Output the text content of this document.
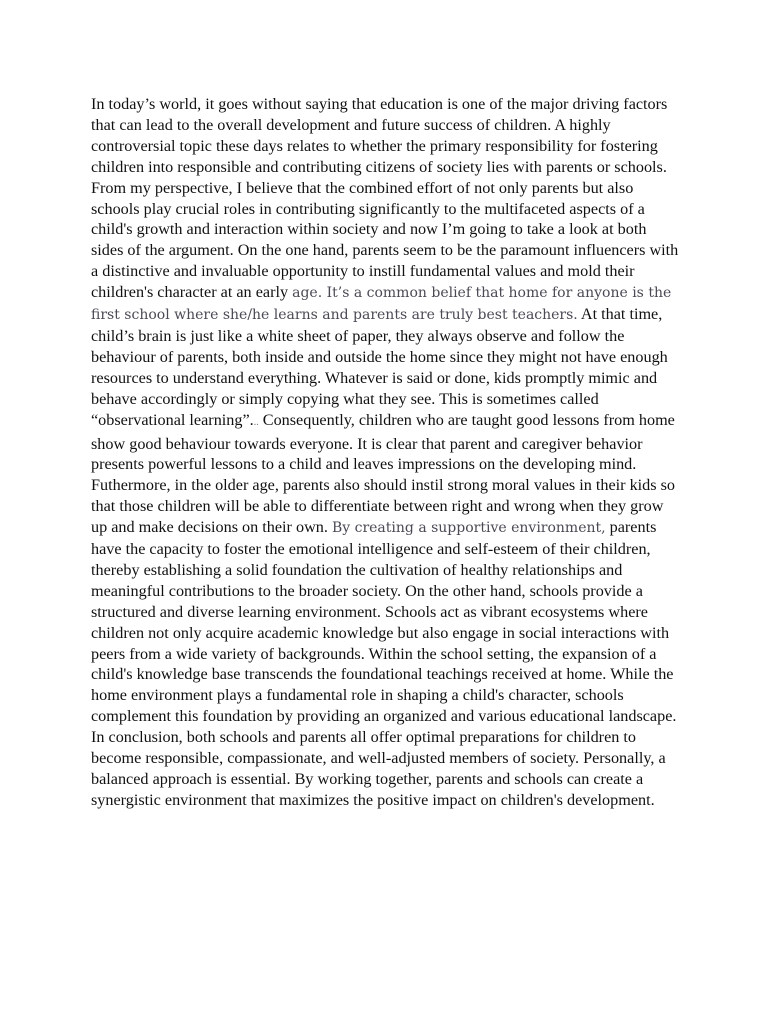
In today’s world, it goes without saying that education is one of the major driving factors that can lead to the overall development and future success of children. A highly controversial topic these days relates to whether the primary responsibility for fostering children into responsible and contributing citizens of society lies with parents or schools. From my perspective, I believe that the combined effort of not only parents but also schools play crucial roles in contributing significantly to the multifaceted aspects of a child's growth and interaction within society and now I’m going to take a look at both sides of the argument. On the one hand, parents seem to be the paramount influencers with a distinctive and invaluable opportunity to instill fundamental values and mold their children's character at an early age. It’s a common belief that home for anyone is the first school where she/he learns and parents are truly best teachers. At that time, child’s brain is just like a white sheet of paper, they always observe and follow the behaviour of parents, both inside and outside the home since they might not have enough resources to understand everything. Whatever is said or done, kids promptly mimic and behave accordingly or simply copying what they see. This is sometimes called “observational learning”... Consequently, children who are taught good lessons from home show good behaviour towards everyone. It is clear that parent and caregiver behavior presents powerful lessons to a child and leaves impressions on the developing mind. Futhermore, in the older age, parents also should instil strong moral values in their kids so that those children will be able to differentiate between right and wrong when they grow up and make decisions on their own. By creating a supportive environment, parents have the capacity to foster the emotional intelligence and self-esteem of their children, thereby establishing a solid foundation the cultivation of healthy relationships and meaningful contributions to the broader society. On the other hand, schools provide a structured and diverse learning environment. Schools act as vibrant ecosystems where children not only acquire academic knowledge but also engage in social interactions with peers from a wide variety of backgrounds. Within the school setting, the expansion of a child's knowledge base transcends the foundational teachings received at home. While the home environment plays a fundamental role in shaping a child's character, schools complement this foundation by providing an organized and various educational landscape. In conclusion, both schools and parents all offer optimal preparations for children to become responsible, compassionate, and well-adjusted members of society. Personally, a balanced approach is essential. By working together, parents and schools can create a synergistic environment that maximizes the positive impact on children's development.
